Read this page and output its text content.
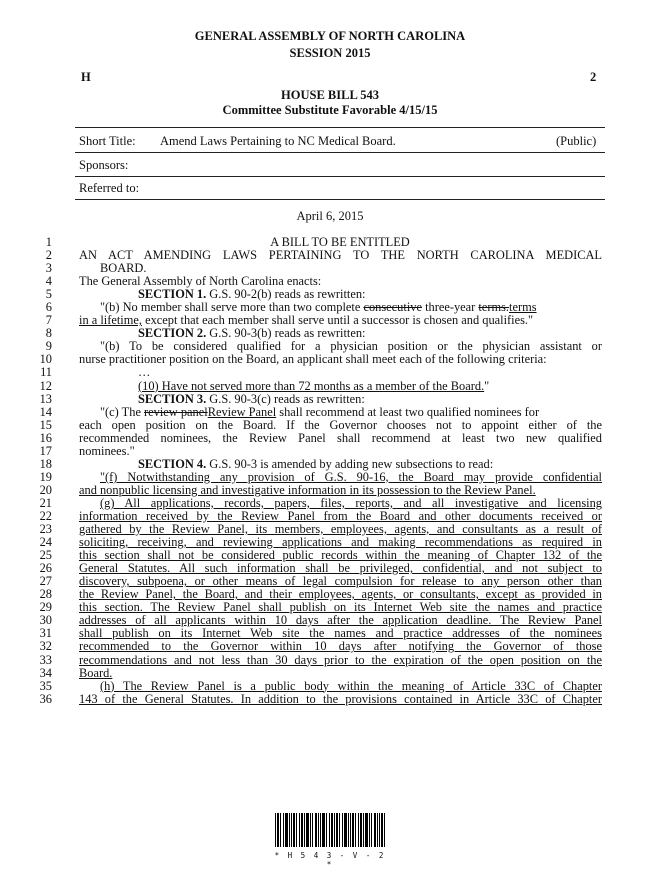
GENERAL ASSEMBLY OF NORTH CAROLINA
SESSION 2015
H	2
HOUSE BILL 543
Committee Substitute Favorable 4/15/15
Short Title: Amend Laws Pertaining to NC Medical Board.	(Public)
Sponsors:
Referred to:
April 6, 2015
1	A BILL TO BE ENTITLED
2 AN ACT AMENDING LAWS PERTAINING TO THE NORTH CAROLINA MEDICAL
3	BOARD.
4 The General Assembly of North Carolina enacts:
5	SECTION 1. G.S. 90-2(b) reads as rewritten:
6	"(b) No member shall serve more than two complete consecutive three-year terms.terms
7 in a lifetime, except that each member shall serve until a successor is chosen and qualifies."
8	SECTION 2. G.S. 90-3(b) reads as rewritten:
9	"(b) To be considered qualified for a physician position or the physician assistant or
10 nurse practitioner position on the Board, an applicant shall meet each of the following criteria:
11	…
12	(10) Have not served more than 72 months as a member of the Board."
13	SECTION 3. G.S. 90-3(c) reads as rewritten:
14	"(c) The review panelReview Panel shall recommend at least two qualified nominees for
15 each open position on the Board. If the Governor chooses not to appoint either of the
16 recommended nominees, the Review Panel shall recommend at least two new qualified
17 nominees."
18	SECTION 4. G.S. 90-3 is amended by adding new subsections to read:
19	"(f) Notwithstanding any provision of G.S. 90-16, the Board may provide confidential
20 and nonpublic licensing and investigative information in its possession to the Review Panel.
21	(g) All applications, records, papers, files, reports, and all investigative and licensing
22 information received by the Review Panel from the Board and other documents received or
23 gathered by the Review Panel, its members, employees, agents, and consultants as a result of
24 soliciting, receiving, and reviewing applications and making recommendations as required in
25 this section shall not be considered public records within the meaning of Chapter 132 of the
26 General Statutes. All such information shall be privileged, confidential, and not subject to
27 discovery, subpoena, or other means of legal compulsion for release to any person other than
28 the Review Panel, the Board, and their employees, agents, or consultants, except as provided in
29 this section. The Review Panel shall publish on its Internet Web site the names and practice
30 addresses of all applicants within 10 days after the application deadline. The Review Panel
31 shall publish on its Internet Web site the names and practice addresses of the nominees
32 recommended to the Governor within 10 days after notifying the Governor of those
33 recommendations and not less than 30 days prior to the expiration of the open position on the
34 Board.
35	(h) The Review Panel is a public body within the meaning of Article 33C of Chapter
36 143 of the General Statutes. In addition to the provisions contained in Article 33C of Chapter
* H 5 4 3 - V - 2 *
